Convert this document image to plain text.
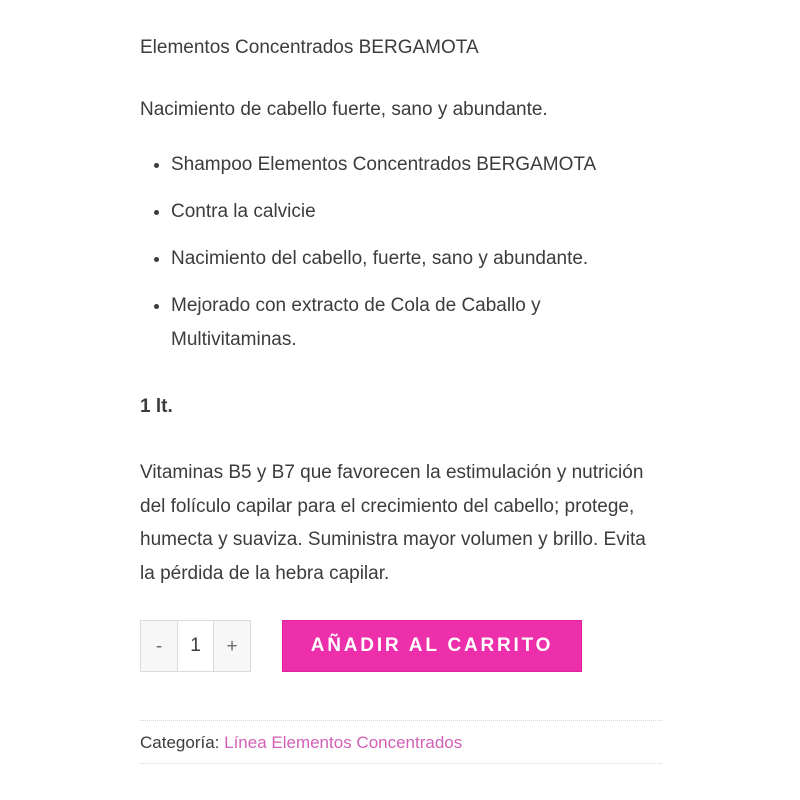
Elementos Concentrados BERGAMOTA

Nacimiento de cabello fuerte, sano y abundante.

• Shampoo Elementos Concentrados BERGAMOTA
• Contra la calvicie
• Nacimiento del cabello, fuerte, sano y abundante.
• Mejorado con extracto de Cola de Caballo y Multivitaminas.

1 lt.

Vitaminas B5 y B7 que favorecen la estimulación y nutrición del folículo capilar para el crecimiento del cabello; protege, humecta y suaviza. Suministra mayor volumen y brillo. Evita la pérdida de la hebra capilar.

-
1	+	AÑADIR AL CARRITO
Categoría: Línea Elementos Concentrados
